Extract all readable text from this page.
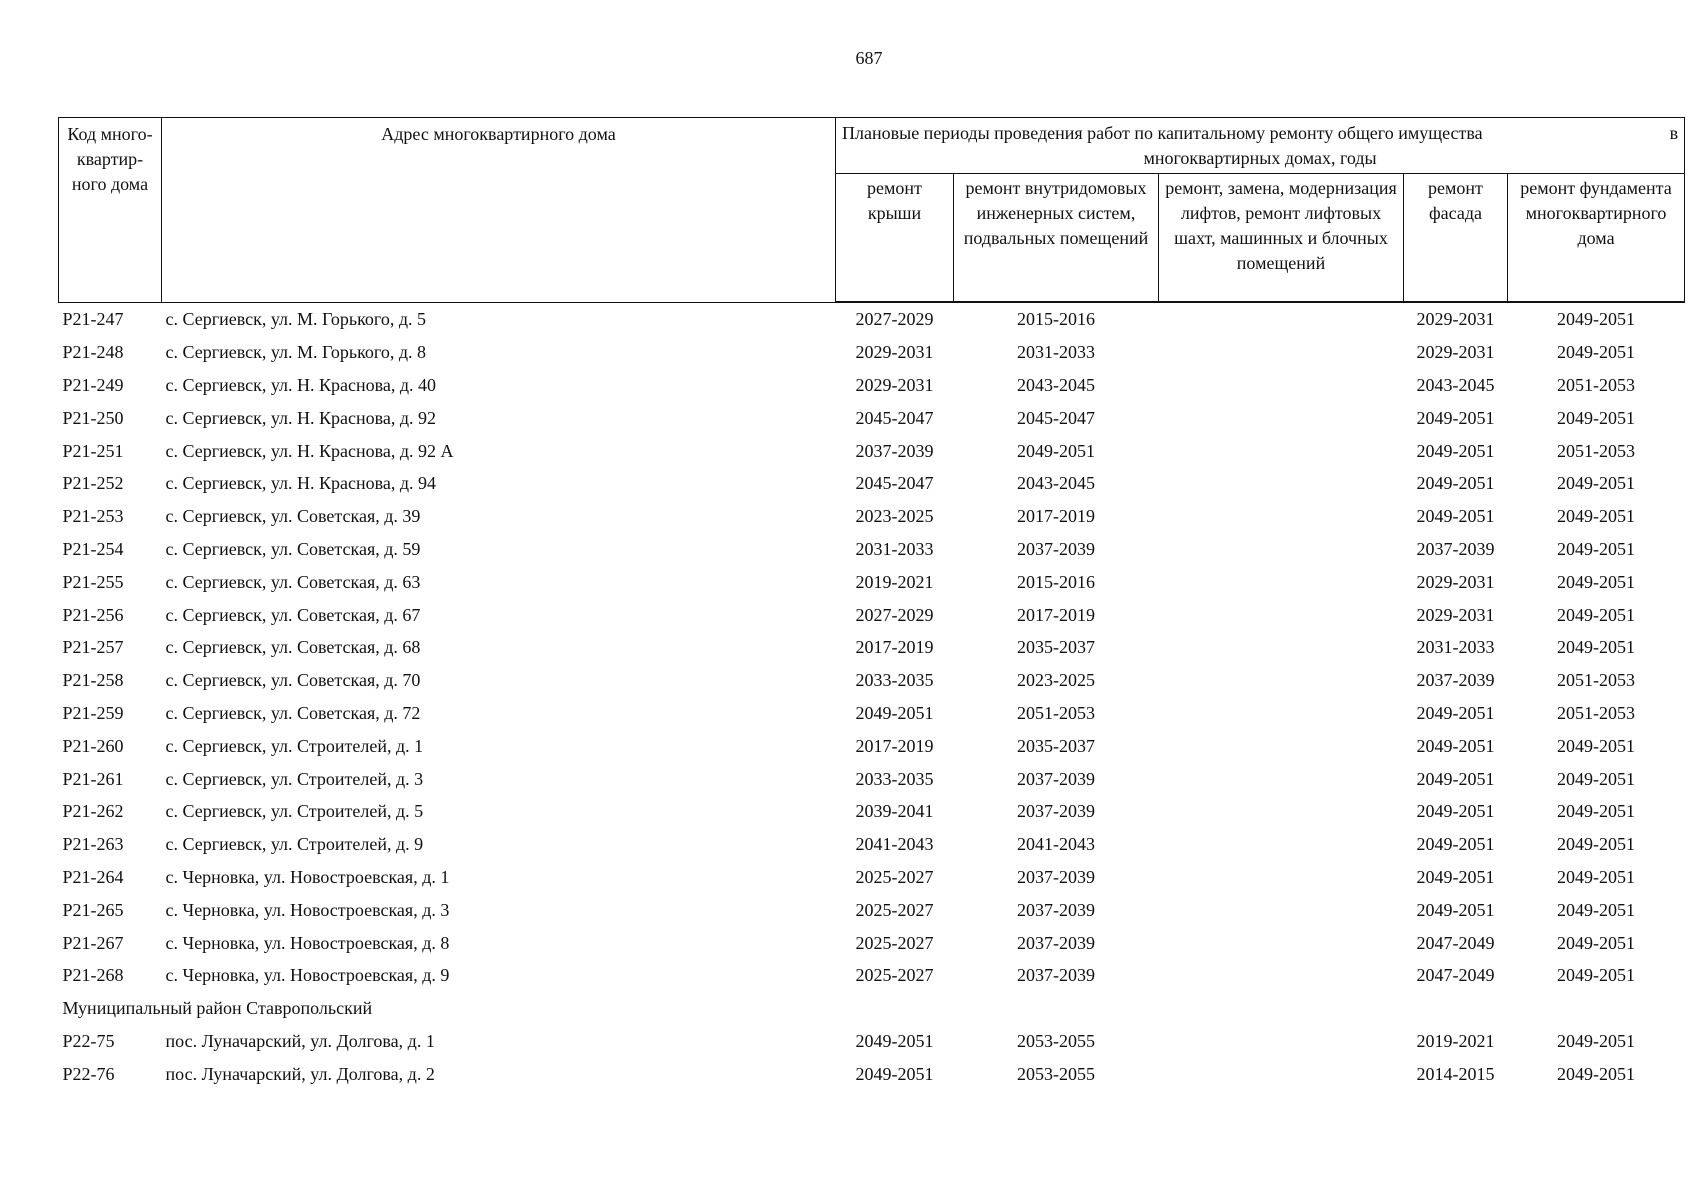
687
Код много-квартир-ного дома	Адрес многоквартирного дома	Плановые периоды проведения работ по капитальному ремонту общего имущества в
многоквартирных домах, годы				

		ремонт крыши	ремонт внутридомовых инженерных систем, подвальных помещений	ремонт, замена, модернизация лифтов, ремонт лифтовых шахт, машинных и блочных помещений	ремонт фасада	ремонт фундамента многоквартирного дома
Р21-247	с. Сергиевск, ул. М. Горького, д. 5	2027-2029	2015-2016		2029-2031	2049-2051
Р21-248	с. Сергиевск, ул. М. Горького, д. 8	2029-2031	2031-2033		2029-2031	2049-2051
Р21-249	с. Сергиевск, ул. Н. Краснова, д. 40	2029-2031	2043-2045		2043-2045	2051-2053
Р21-250	с. Сергиевск, ул. Н. Краснова, д. 92	2045-2047	2045-2047		2049-2051	2049-2051
Р21-251	с. Сергиевск, ул. Н. Краснова, д. 92 А	2037-2039	2049-2051		2049-2051	2051-2053
Р21-252	с. Сергиевск, ул. Н. Краснова, д. 94	2045-2047	2043-2045		2049-2051	2049-2051
Р21-253	с. Сергиевск, ул. Советская, д. 39	2023-2025	2017-2019		2049-2051	2049-2051
Р21-254	с. Сергиевск, ул. Советская, д. 59	2031-2033	2037-2039		2037-2039	2049-2051
Р21-255	с. Сергиевск, ул. Советская, д. 63	2019-2021	2015-2016		2029-2031	2049-2051
Р21-256	с. Сергиевск, ул. Советская, д. 67	2027-2029	2017-2019		2029-2031	2049-2051
Р21-257	с. Сергиевск, ул. Советская, д. 68	2017-2019	2035-2037		2031-2033	2049-2051
Р21-258	с. Сергиевск, ул. Советская, д. 70	2033-2035	2023-2025		2037-2039	2051-2053
Р21-259	с. Сергиевск, ул. Советская, д. 72	2049-2051	2051-2053		2049-2051	2051-2053
Р21-260	с. Сергиевск, ул. Строителей, д. 1	2017-2019	2035-2037		2049-2051	2049-2051
Р21-261	с. Сергиевск, ул. Строителей, д. 3	2033-2035	2037-2039		2049-2051	2049-2051
Р21-262	с. Сергиевск, ул. Строителей, д. 5	2039-2041	2037-2039		2049-2051	2049-2051
Р21-263	с. Сергиевск, ул. Строителей, д. 9	2041-2043	2041-2043		2049-2051	2049-2051
Р21-264	с. Черновка, ул. Новостроевская, д. 1	2025-2027	2037-2039		2049-2051	2049-2051
Р21-265	с. Черновка, ул. Новостроевская, д. 3	2025-2027	2037-2039		2049-2051	2049-2051
Р21-267	с. Черновка, ул. Новостроевская, д. 8	2025-2027	2037-2039		2047-2049	2049-2051
Р21-268	с. Черновка, ул. Новостроевская, д. 9	2025-2027	2037-2039		2047-2049	2049-2051
Муниципальный район Ставропольский						
Р22-75	пос. Луначарский, ул. Долгова, д. 1	2049-2051	2053-2055		2019-2021	2049-2051
Р22-76	пос. Луначарский, ул. Долгова, д. 2	2049-2051	2053-2055		2014-2015	2049-2051
